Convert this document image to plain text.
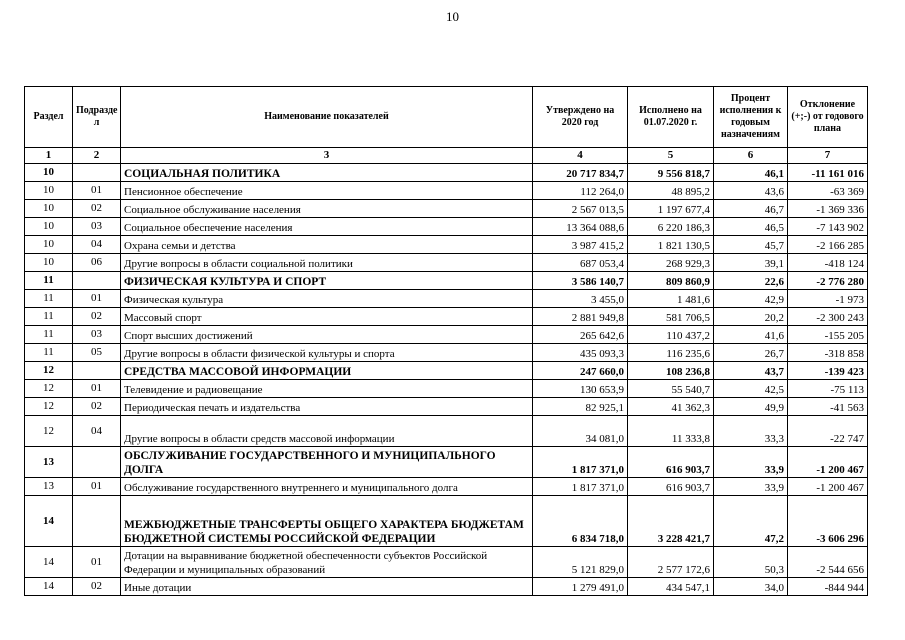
10
Раздел	Подразде л	Наименование показателей	Утверждено на 2020 год	Исполнено на 01.07.2020 г.	Процент исполнения к годовым назначениям	Отклонение (+;-) от годового плана
1	2	3	4	5	6	7
10		СОЦИАЛЬНАЯ ПОЛИТИКА	20 717 834,7	9 556 818,7	46,1	-11 161 016
10	01	Пенсионное обеспечение	112 264,0	48 895,2	43,6	-63 369
10	02	Социальное обслуживание населения	2 567 013,5	1 197 677,4	46,7	-1 369 336
10	03	Социальное обеспечение населения	13 364 088,6	6 220 186,3	46,5	-7 143 902
10	04	Охрана семьи и детства	3 987 415,2	1 821 130,5	45,7	-2 166 285
10	06	Другие вопросы в области социальной политики	687 053,4	268 929,3	39,1	-418 124
11		ФИЗИЧЕСКАЯ КУЛЬТУРА И СПОРТ	3 586 140,7	809 860,9	22,6	-2 776 280
11	01	Физическая культура	3 455,0	1 481,6	42,9	-1 973
11	02	Массовый спорт	2 881 949,8	581 706,5	20,2	-2 300 243
11	03	Спорт высших достижений	265 642,6	110 437,2	41,6	-155 205
11	05	Другие вопросы в области физической культуры и спорта	435 093,3	116 235,6	26,7	-318 858
12		СРЕДСТВА МАССОВОЙ ИНФОРМАЦИИ	247 660,0	108 236,8	43,7	-139 423
12	01	Телевидение и радиовещание	130 653,9	55 540,7	42,5	-75 113
12	02	Периодическая печать и издательства	82 925,1	41 362,3	49,9	-41 563
12	04	Другие вопросы в области средств массовой информации	34 081,0	11 333,8	33,3	-22 747
13		ОБСЛУЖИВАНИЕ ГОСУДАРСТВЕННОГО И МУНИЦИПАЛЬНОГО ДОЛГА	1 817 371,0	616 903,7	33,9	-1 200 467
13	01	Обслуживание государственного внутреннего и муниципального долга	1 817 371,0	616 903,7	33,9	-1 200 467
14		МЕЖБЮДЖЕТНЫЕ ТРАНСФЕРТЫ ОБЩЕГО ХАРАКТЕРА БЮДЖЕТАМ БЮДЖЕТНОЙ СИСТЕМЫ РОССИЙСКОЙ ФЕДЕРАЦИИ	6 834 718,0	3 228 421,7	47,2	-3 606 296
14	01	Дотации на выравнивание бюджетной обеспеченности субъектов Российской Федерации и муниципальных образований	5 121 829,0	2 577 172,6	50,3	-2 544 656
14	02	Иные дотации	1 279 491,0	434 547,1	34,0	-844 944
